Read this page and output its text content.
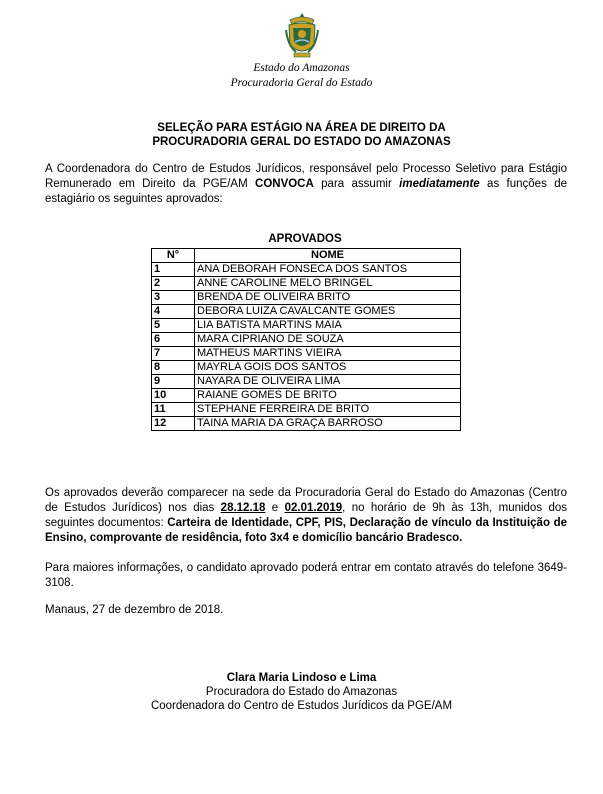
Estado do Amazonas
Procuradoria Geral do Estado
SELEÇÃO PARA ESTÁGIO NA ÁREA DE DIREITO DA
PROCURADORIA GERAL DO ESTADO DO AMAZONAS
A Coordenadora do Centro de Estudos Jurídicos, responsável pelo Processo Seletivo para Estágio Remunerado em Direito da PGE/AM CONVOCA para assumir imediatamente as funções de estagiário os seguintes aprovados:
APROVADOS
N°	NOME
1	ANA DEBORAH FONSECA DOS SANTOS
2	ANNE CAROLINE MELO BRINGEL
3	BRENDA DE OLIVEIRA BRITO
4	DEBORA LUIZA CAVALCANTE GOMES
5	LIA BATISTA MARTINS MAIA
6	MARA CIPRIANO DE SOUZA
7	MATHEUS MARTINS VIEIRA
8	MAYRLA GOIS DOS SANTOS
9	NAYARA DE OLIVEIRA LIMA
10	RAIANE GOMES DE BRITO
11	STEPHANE FERREIRA DE BRITO
12	TAINA MARIA DA GRAÇA BARROSO
Os aprovados deverão comparecer na sede da Procuradoria Geral do Estado do Amazonas (Centro de Estudos Jurídicos) nos dias 28.12.18 e 02.01.2019, no horário de 9h às 13h, munidos dos seguintes documentos: Carteira de Identidade, CPF, PIS, Declaração de vínculo da Instituição de Ensino, comprovante de residência, foto 3x4 e domicílio bancário Bradesco.
Para maiores informações, o candidato aprovado poderá entrar em contato através do telefone 3649-3108.
Manaus, 27 de dezembro de 2018.
Clara Maria Lindoso e Lima
Procuradora do Estado do Amazonas
Coordenadora do Centro de Estudos Jurídicos da PGE/AM
